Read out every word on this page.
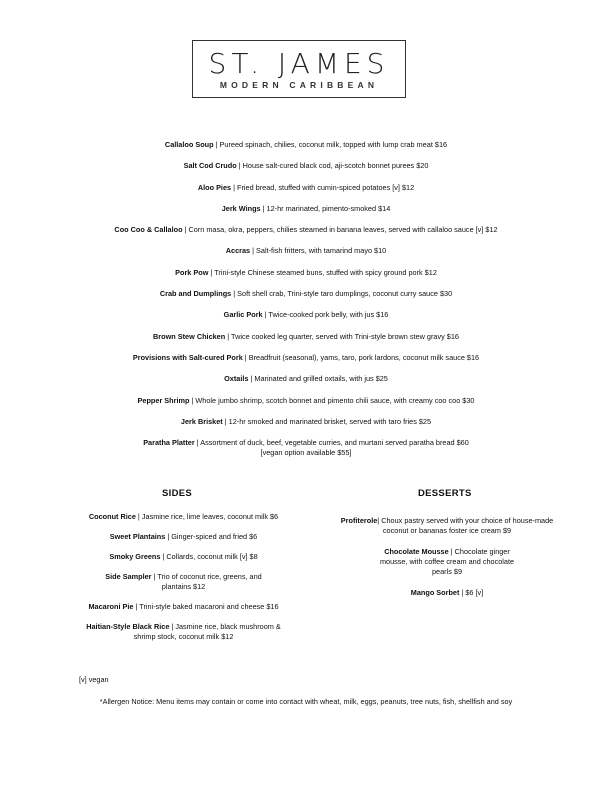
ST. JAMES
MODERN CARIBBEAN
Callaloo Soup | Pureed spinach, chilies, coconut milk, topped with lump crab meat $16
Salt Cod Crudo | House salt-cured black cod, aji-scotch bonnet purees $20
Aloo Pies | Fried bread, stuffed with cumin-spiced potatoes [v] $12
Jerk Wings | 12-hr marinated, pimento-smoked $14
Coo Coo & Callaloo | Corn masa, okra, peppers, chilies steamed in banana leaves, served with callaloo sauce [v] $12
Accras | Salt-fish fritters, with tamarind mayo $10
Pork Pow | Trini-style Chinese steamed buns, stuffed with spicy ground pork $12
Crab and Dumplings | Soft shell crab, Trini-style taro dumplings, coconut curry sauce $30
Garlic Pork | Twice-cooked pork belly, with jus $16
Brown Stew Chicken | Twice cooked leg quarter, served with Trini-style brown stew gravy $16
Provisions with Salt-cured Pork | Breadfruit (seasonal), yams, taro, pork lardons, coconut milk sauce $16
Oxtails | Marinated and grilled oxtails, with jus $25
Pepper Shrimp | Whole jumbo shrimp, scotch bonnet and pimento chili sauce, with creamy coo coo $30
Jerk Brisket | 12-hr smoked and marinated brisket, served with taro fries $25
Paratha Platter | Assortment of duck, beef, vegetable curries, and murtani served paratha bread $60
[vegan option available $55]
SIDES	DESSERTS
Coconut Rice | Jasmine rice, lime leaves, coconut milk $6
Sweet Plantains | Ginger-spiced and fried $6
Smoky Greens | Collards, coconut milk [v] $8
Side Sampler | Trio of coconut rice, greens, and plantains $12
Macaroni Pie | Trini-style baked macaroni and cheese $16
Haitian-Style Black Rice | Jasmine rice, black mushroom & shrimp stock, coconut milk $12
Profiterole| Choux pastry served with your choice of house-made coconut or bananas foster ice cream $9
Chocolate Mousse | Chocolate ginger mousse, with coffee cream and chocolate pearls $9
Mango Sorbet | $6 [v]
[v] vegan
*Allergen Notice: Menu items may contain or come into contact with wheat, milk, eggs, peanuts, tree nuts, fish, shellfish and soy
